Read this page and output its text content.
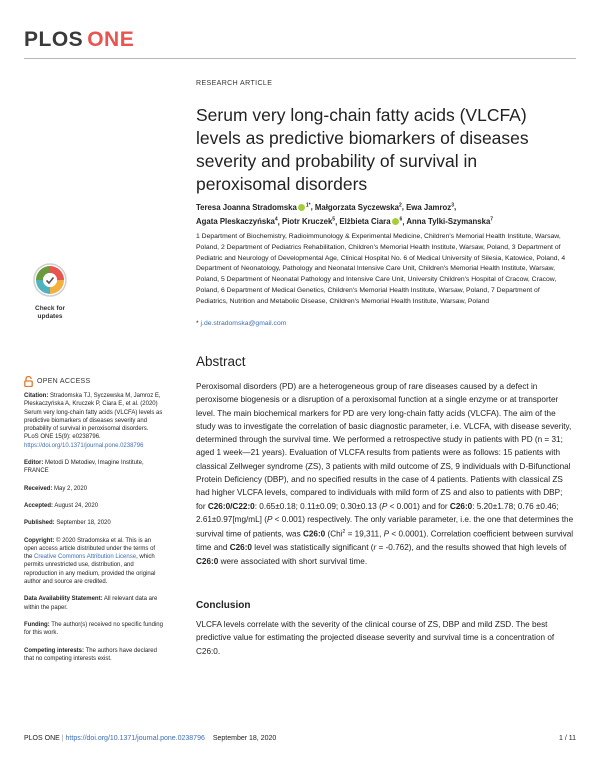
PLOS ONE
RESEARCH ARTICLE
Serum very long-chain fatty acids (VLCFA) levels as predictive biomarkers of diseases severity and probability of survival in peroxisomal disorders
Teresa Joanna Stradomska $^{1*}$, Małgorzata Syczewska$^2$, Ewa Jamroz$^3$,
Agata Pleskaczyńska$^4$, Piotr Kruczek$^5$, Elżbieta Ciara $^6$, Anna Tylki-Szymanska$^7$
1 Department of Biochemistry, Radioimmunology & Experimental Medicine, Children's Memorial Health Institute, Warsaw, Poland, 2 Department of Pediatrics Rehabilitation, Children's Memorial Health Institute, Warsaw, Poland, 3 Department of Pediatric and Neurology of Developmental Age, Clinical Hospital No. 6 of Medical University of Silesia, Katowice, Poland, 4 Department of Neonatology, Pathology and Neonatal Intensive Care Unit, Children's Memorial Health Institute, Warsaw, Poland, 5 Department of Neonatal Pathology and Intensive Care Unit, University Children's Hospital of Cracow, Cracow, Poland, 6 Department of Medical Genetics, Children's Memorial Health Institute, Warsaw, Poland, 7 Department of Pediatrics, Nutrition and Metabolic Disease, Children's Memorial Health Institute, Warsaw, Poland
* j.de.stradomska@gmail.com
Check for
updates
OPEN ACCESS
Citation: Stradomska TJ, Syczewska M, Jamroz E, Pleskaczyńska A, Kruczek P, Ciara E, et al. (2020) Serum very long-chain fatty acids (VLCFA) levels as predictive biomarkers of diseases severity and probability of survival in peroxisomal disorders. PLoS ONE 15(9): e0238796. https://doi.org/10.1371/journal.pone.0238796
Editor: Metodi D Metodiev, Imagine Institute, FRANCE
Received: May 2, 2020
Accepted: August 24, 2020
Published: September 18, 2020
Copyright: © 2020 Stradomska et al. This is an open access article distributed under the terms of the Creative Commons Attribution License, which permits unrestricted use, distribution, and reproduction in any medium, provided the original author and source are credited.
Data Availability Statement: All relevant data are within the paper.
Funding: The author(s) received no specific funding for this work.
Competing interests: The authors have declared that no competing interests exist.
Abstract

Peroxisomal disorders (PD) are a heterogeneous group of rare diseases caused by a defect in peroxisome biogenesis or a disruption of a peroxisomal function at a single enzyme or at transporter level. The main biochemical markers for PD are very long-chain fatty acids (VLCFA). The aim of the study was to investigate the correlation of basic diagnostic parameter, i.e. VLCFA, with disease severity, determined through the survival time. We performed a retrospective study in patients with PD (n = 31; aged 1 week—21 years). Evaluation of VLCFA results from patients were as follows: 15 patients with classical Zellweger syndrome (ZS), 3 patients with mild outcome of ZS, 9 individuals with D-Bifunctional Protein Deficiency (DBP), and no specified results in the case of 4 patients. Patients with classical ZS had higher VLCFA levels, compared to individuals with mild form of ZS and also to patients with DBP; for C26:0/C22:0: 0.65±0.18; 0.11±0.09; 0.30±0.13 (P < 0.001) and for C26:0: 5.20±1.78; 0.76 ±0.46; 2.61±0.97[mg/mL] (P < 0.001) respectively. The only variable parameter, i.e. the one that determines the survival time of patients, was C26:0 (Chi$^2$ = 19,311, P < 0.0001). Correlation coefficient between survival time and C26:0 level was statistically significant (r = -0.762), and the results showed that high levels of C26:0 were associated with short survival time.

Conclusion

VLCFA levels correlate with the severity of the clinical course of ZS, DBP and mild ZSD. The best predictive value for estimating the projected disease severity and survival time is a concentration of C26:0.

PLOS ONE | https://doi.org/10.1371/journal.pone.0238796 September 18, 2020	1 / 11
